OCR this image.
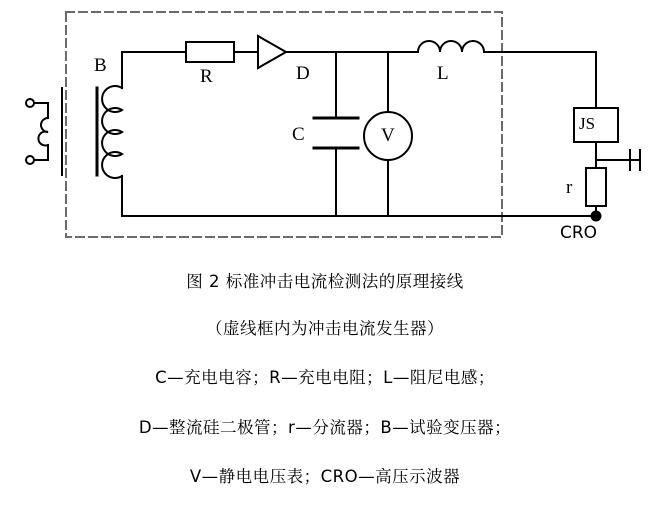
B
R	D
C	V
L
JS
r
CRO

图 2 标准冲击电流检测法的原理接线

（虚线框内为冲击电流发生器）

C—充电电容；R—充电电阻；L—阻尼电感；

D—整流硅二极管；r—分流器；B—试验变压器；

V—静电电压表；CRO—高压示波器
